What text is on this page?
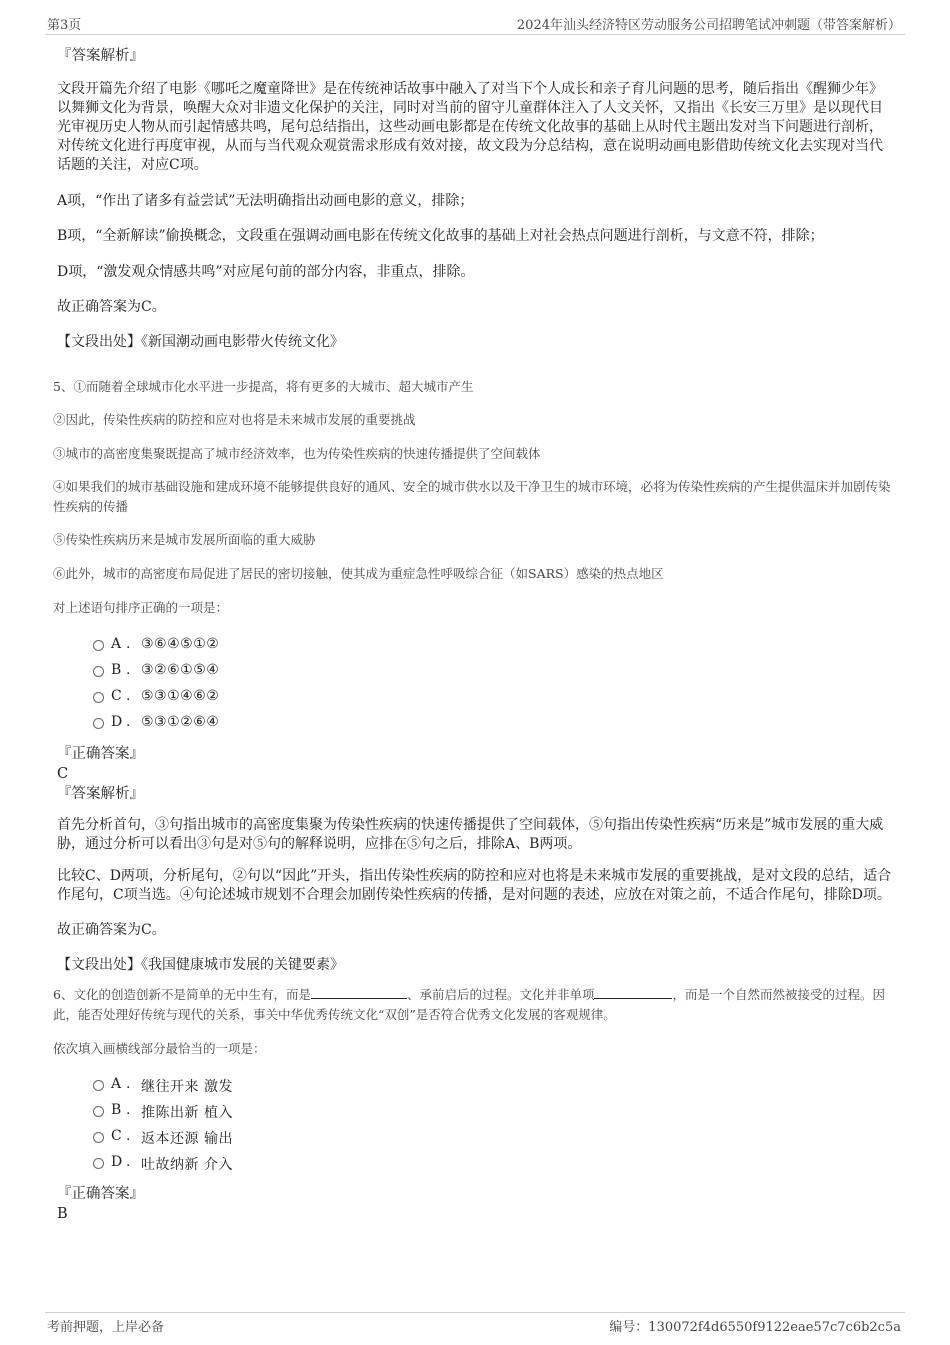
第3页	2024年汕头经济特区劳动服务公司招聘笔试冲刺题（带答案解析）

『答案解析』

文段开篇先介绍了电影《哪吒之魔童降世》是在传统神话故事中融入了对当下个人成长和亲子育儿问题的思考，随后指出《醒狮少年》以舞狮文化为背景，唤醒大众对非遗文化保护的关注，同时对当前的留守儿童群体注入了人文关怀，又指出《长安三万里》是以现代目光审视历史人物从而引起情感共鸣，尾句总结指出，这些动画电影都是在传统文化故事的基础上从时代主题出发对当下问题进行剖析，对传统文化进行再度审视，从而与当代观众观赏需求形成有效对接，故文段为分总结构，意在说明动画电影借助传统文化去实现对当代话题的关注，对应C项。

A项，“作出了诸多有益尝试”无法明确指出动画电影的意义，排除；

B项，“全新解读”偷换概念，文段重在强调动画电影在传统文化故事的基础上对社会热点问题进行剖析，与文意不符，排除；

D项，“激发观众情感共鸣”对应尾句前的部分内容，非重点，排除。

故正确答案为C。

【文段出处】《新国潮动画电影带火传统文化》

5、①而随着全球城市化水平进一步提高，将有更多的大城市、超大城市产生

②因此，传染性疾病的防控和应对也将是未来城市发展的重要挑战

③城市的高密度集聚既提高了城市经济效率，也为传染性疾病的快速传播提供了空间载体

④如果我们的城市基础设施和建成环境不能够提供良好的通风、安全的城市供水以及干净卫生的城市环境，必将为传染性疾病的产生提供温床并加剧传染性疾病的传播

⑤传染性疾病历来是城市发展所面临的重大威胁

⑥此外，城市的高密度布局促进了居民的密切接触，使其成为重症急性呼吸综合征（如SARS）感染的热点地区

对上述语句排序正确的一项是：

A . ③⑥④⑤①②
B . ③②⑥①⑤④
C . ⑤③①④⑥②
D . ⑤③①②⑥④

『正确答案』

C

『答案解析』

首先分析首句，③句指出城市的高密度集聚为传染性疾病的快速传播提供了空间载体，⑤句指出传染性疾病“历来是”城市发展的重大威胁，通过分析可以看出③句是对⑤句的解释说明，应排在⑤句之后，排除A、B两项。

比较C、D两项，分析尾句，②句以“因此”开头，指出传染性疾病的防控和应对也将是未来城市发展的重要挑战，是对文段的总结，适合作尾句，C项当选。④句论述城市规划不合理会加剧传染性疾病的传播，是对问题的表述，应放在对策之前，不适合作尾句，排除D项。

故正确答案为C。

【文段出处】《我国健康城市发展的关键要素》

6、文化的创造创新不是简单的无中生有，而是	、承前启后的过程。文化并非单项	，而是一个自然而然被接受的过程。因此，能否处理好传统与现代的关系，事关中华优秀传统文化“双创”是否符合优秀文化发展的客观规律。

依次填入画横线部分最恰当的一项是：

A . 继往开来 激发
B . 推陈出新 植入
C . 返本还源 输出
D . 吐故纳新 介入

『正确答案』

B

考前押题，上岸必备	编号：130072f4d6550f9122eae57c7c6b2c5a
